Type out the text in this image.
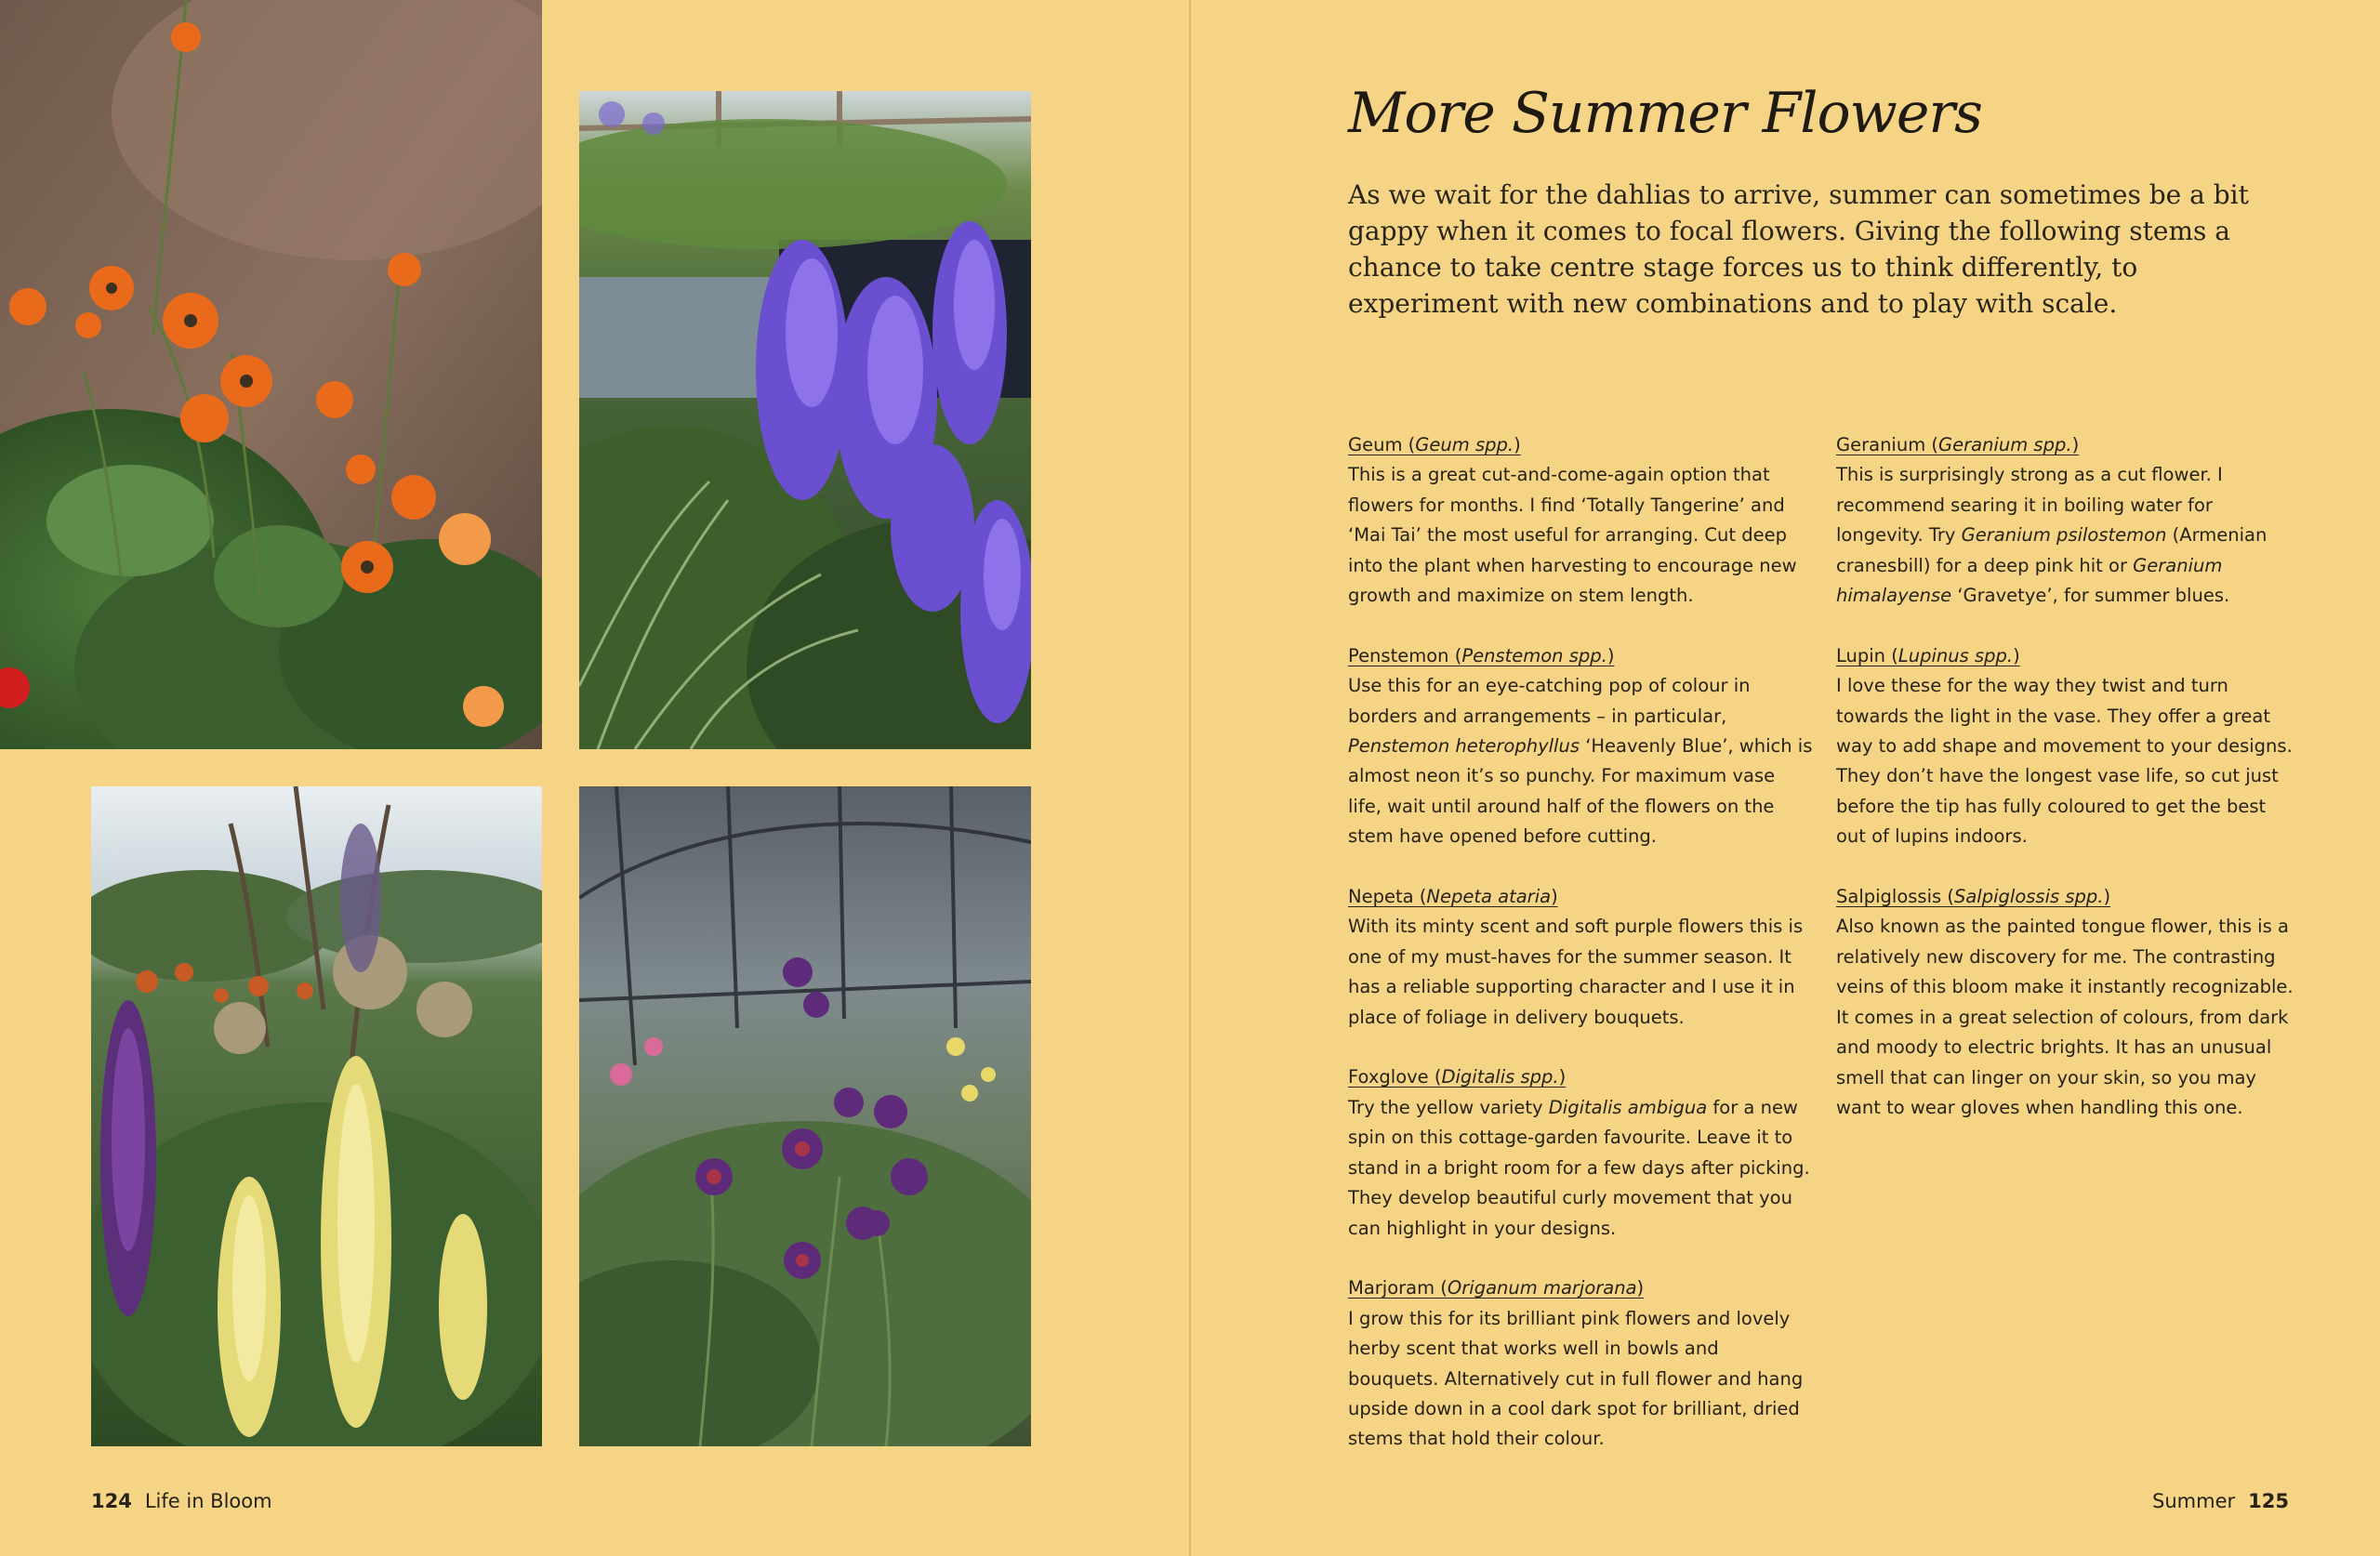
124 Life in Bloom
More Summer Flowers

As we wait for the dahlias to arrive, summer can sometimes be a bit gappy when it comes to focal flowers. Giving the following stems a chance to take centre stage forces us to think differently, to experiment with new combinations and to play with scale.

Geum (Geum spp.)
This is a great cut-and-come-again option that flowers for months. I find ‘Totally Tangerine’ and ‘Mai Tai’ the most useful for arranging. Cut deep into the plant when harvesting to encourage new growth and maximize on stem length.

Penstemon (Penstemon spp.)
Use this for an eye-catching pop of colour in borders and arrangements – in particular, Penstemon heterophyllus ‘Heavenly Blue’, which is almost neon it’s so punchy. For maximum vase life, wait until around half of the flowers on the stem have opened before cutting.

Nepeta (Nepeta ataria)
With its minty scent and soft purple flowers this is one of my must-haves for the summer season. It has a reliable supporting character and I use it in place of foliage in delivery bouquets.

Foxglove (Digitalis spp.)
Try the yellow variety Digitalis ambigua for a new spin on this cottage-garden favourite. Leave it to stand in a bright room for a few days after picking. They develop beautiful curly movement that you can highlight in your designs.

Marjoram (Origanum marjorana)
I grow this for its brilliant pink flowers and lovely herby scent that works well in bowls and bouquets. Alternatively cut in full flower and hang upside down in a cool dark spot for brilliant, dried stems that hold their colour.

Geranium (Geranium spp.)
This is surprisingly strong as a cut flower. I recommend searing it in boiling water for longevity. Try Geranium psilostemon (Armenian cranesbill) for a deep pink hit or Geranium himalayense ‘Gravetye’, for summer blues.

Lupin (Lupinus spp.)
I love these for the way they twist and turn towards the light in the vase. They offer a great way to add shape and movement to your designs. They don’t have the longest vase life, so cut just before the tip has fully coloured to get the best out of lupins indoors.

Salpiglossis (Salpiglossis spp.)
Also known as the painted tongue flower, this is a relatively new discovery for me. The contrasting veins of this bloom make it instantly recognizable. It comes in a great selection of colours, from dark and moody to electric brights. It has an unusual smell that can linger on your skin, so you may want to wear gloves when handling this one.

Summer 125
